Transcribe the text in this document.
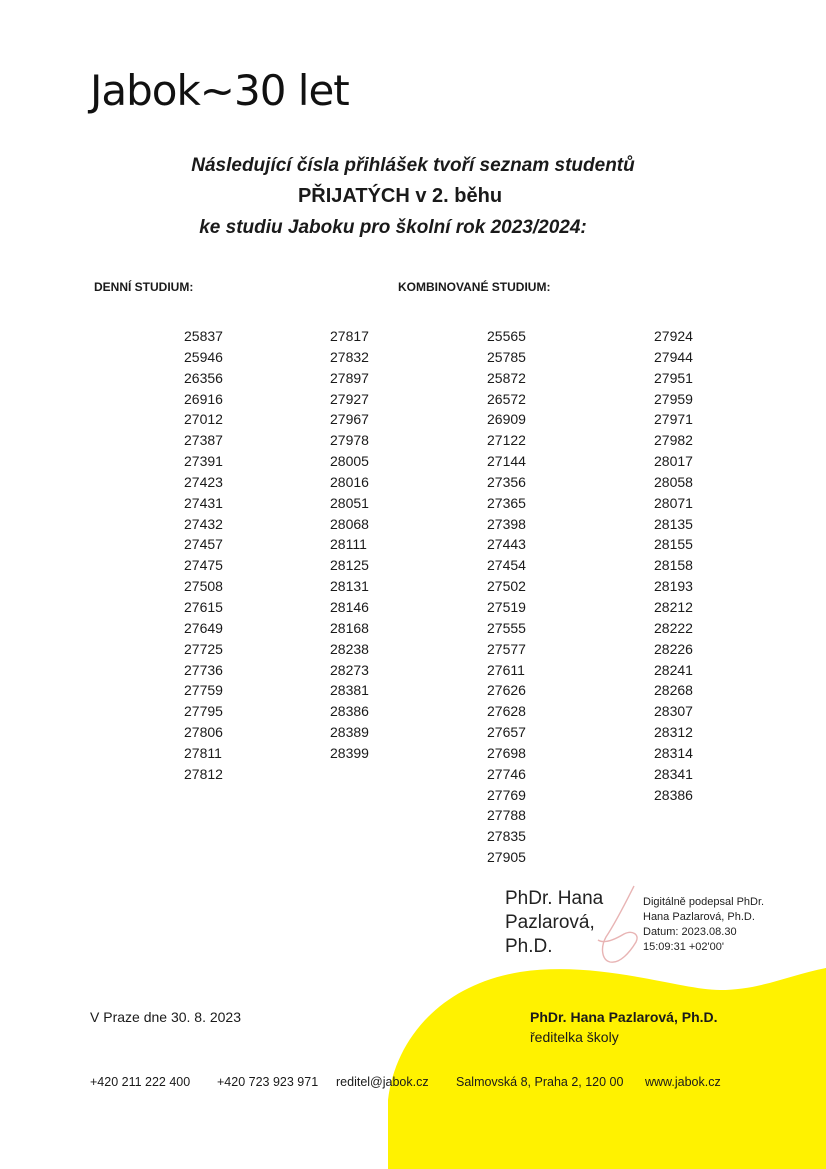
Jabok~30 let
Následující čísla přihlášek tvoří seznam studentů
PŘIJATÝCH v 2. běhu
ke studiu Jaboku pro školní rok 2023/2024:
DENNÍ STUDIUM:	KOMBINOVANÉ STUDIUM:
25837
25946
26356
26916
27012
27387
27391
27423
27431
27432
27457
27475
27508
27615
27649
27725
27736
27759
27795
27806
27811
27812
27817
27832
27897
27927
27967
27978
28005
28016
28051
28068
28111
28125
28131
28146
28168
28238
28273
28381
28386
28389
28399
25565
25785
25872
26572
26909
27122
27144
27356
27365
27398
27443
27454
27502
27519
27555
27577
27611
27626
27628
27657
27698
27746
27769
27788
27835
27905
27924
27944
27951
27959
27971
27982
28017
28058
28071
28135
28155
28158
28193
28212
28222
28226
28241
28268
28307
28312
28314
28341
28386
PhDr. Hana Pazlarová, Ph.D.
Digitálně podepsal PhDr.
Hana Pazlarová, Ph.D.
Datum: 2023.08.30
15:09:31 +02'00'
V Praze dne 30. 8. 2023	PhDr. Hana Pazlarová, Ph.D.
ředitelka školy
+420 211 222 400 +420 723 923 971 reditel@jabok.cz Salmovská 8, Praha 2, 120 00 www.jabok.cz
